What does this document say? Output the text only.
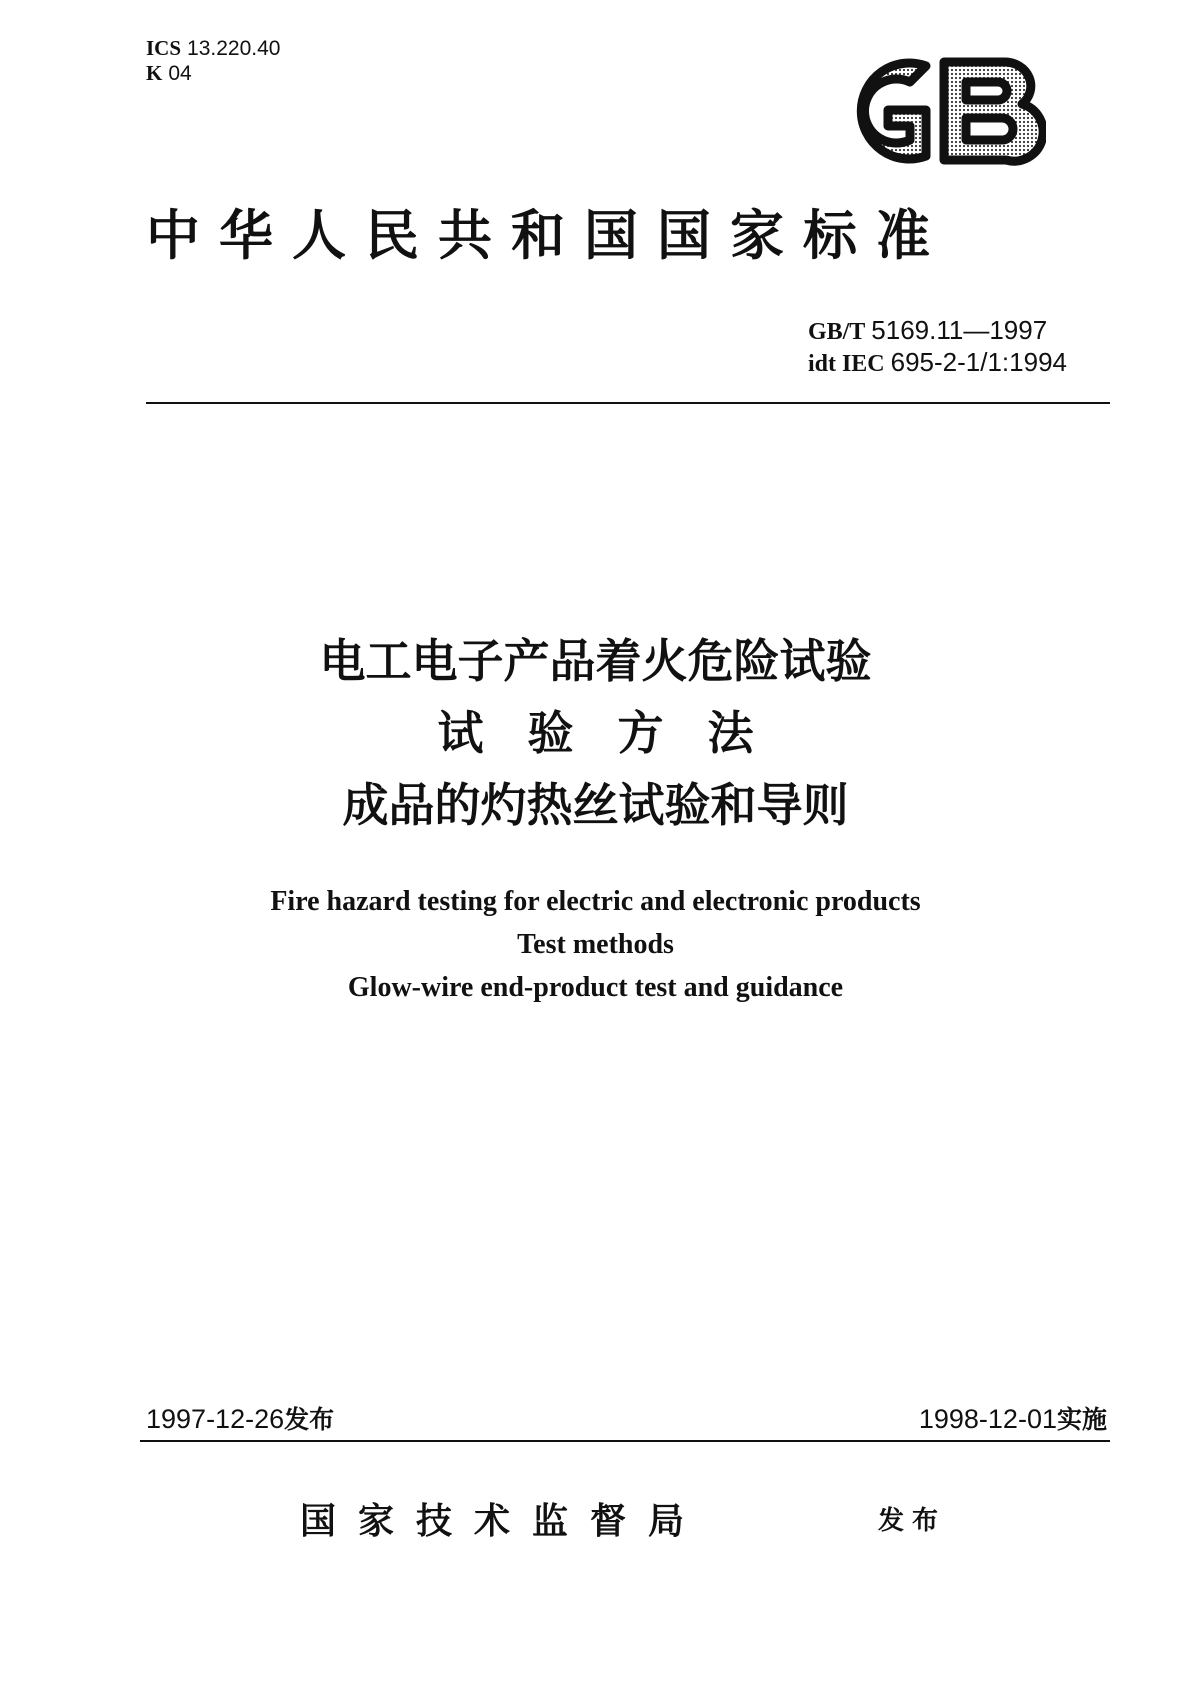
ICS 13.220.40
K 04
中华人民共和国国家标准
GB/T 5169.11—1997
idt IEC 695-2-1/1:1994
电工电子产品着火危险试验
试验方法
成品的灼热丝试验和导则
Fire hazard testing for electric and electronic products
Test methods
Glow-wire end-product test and guidance
1997-12-26发布	1998-12-01实施
国家技术监督局	发布
